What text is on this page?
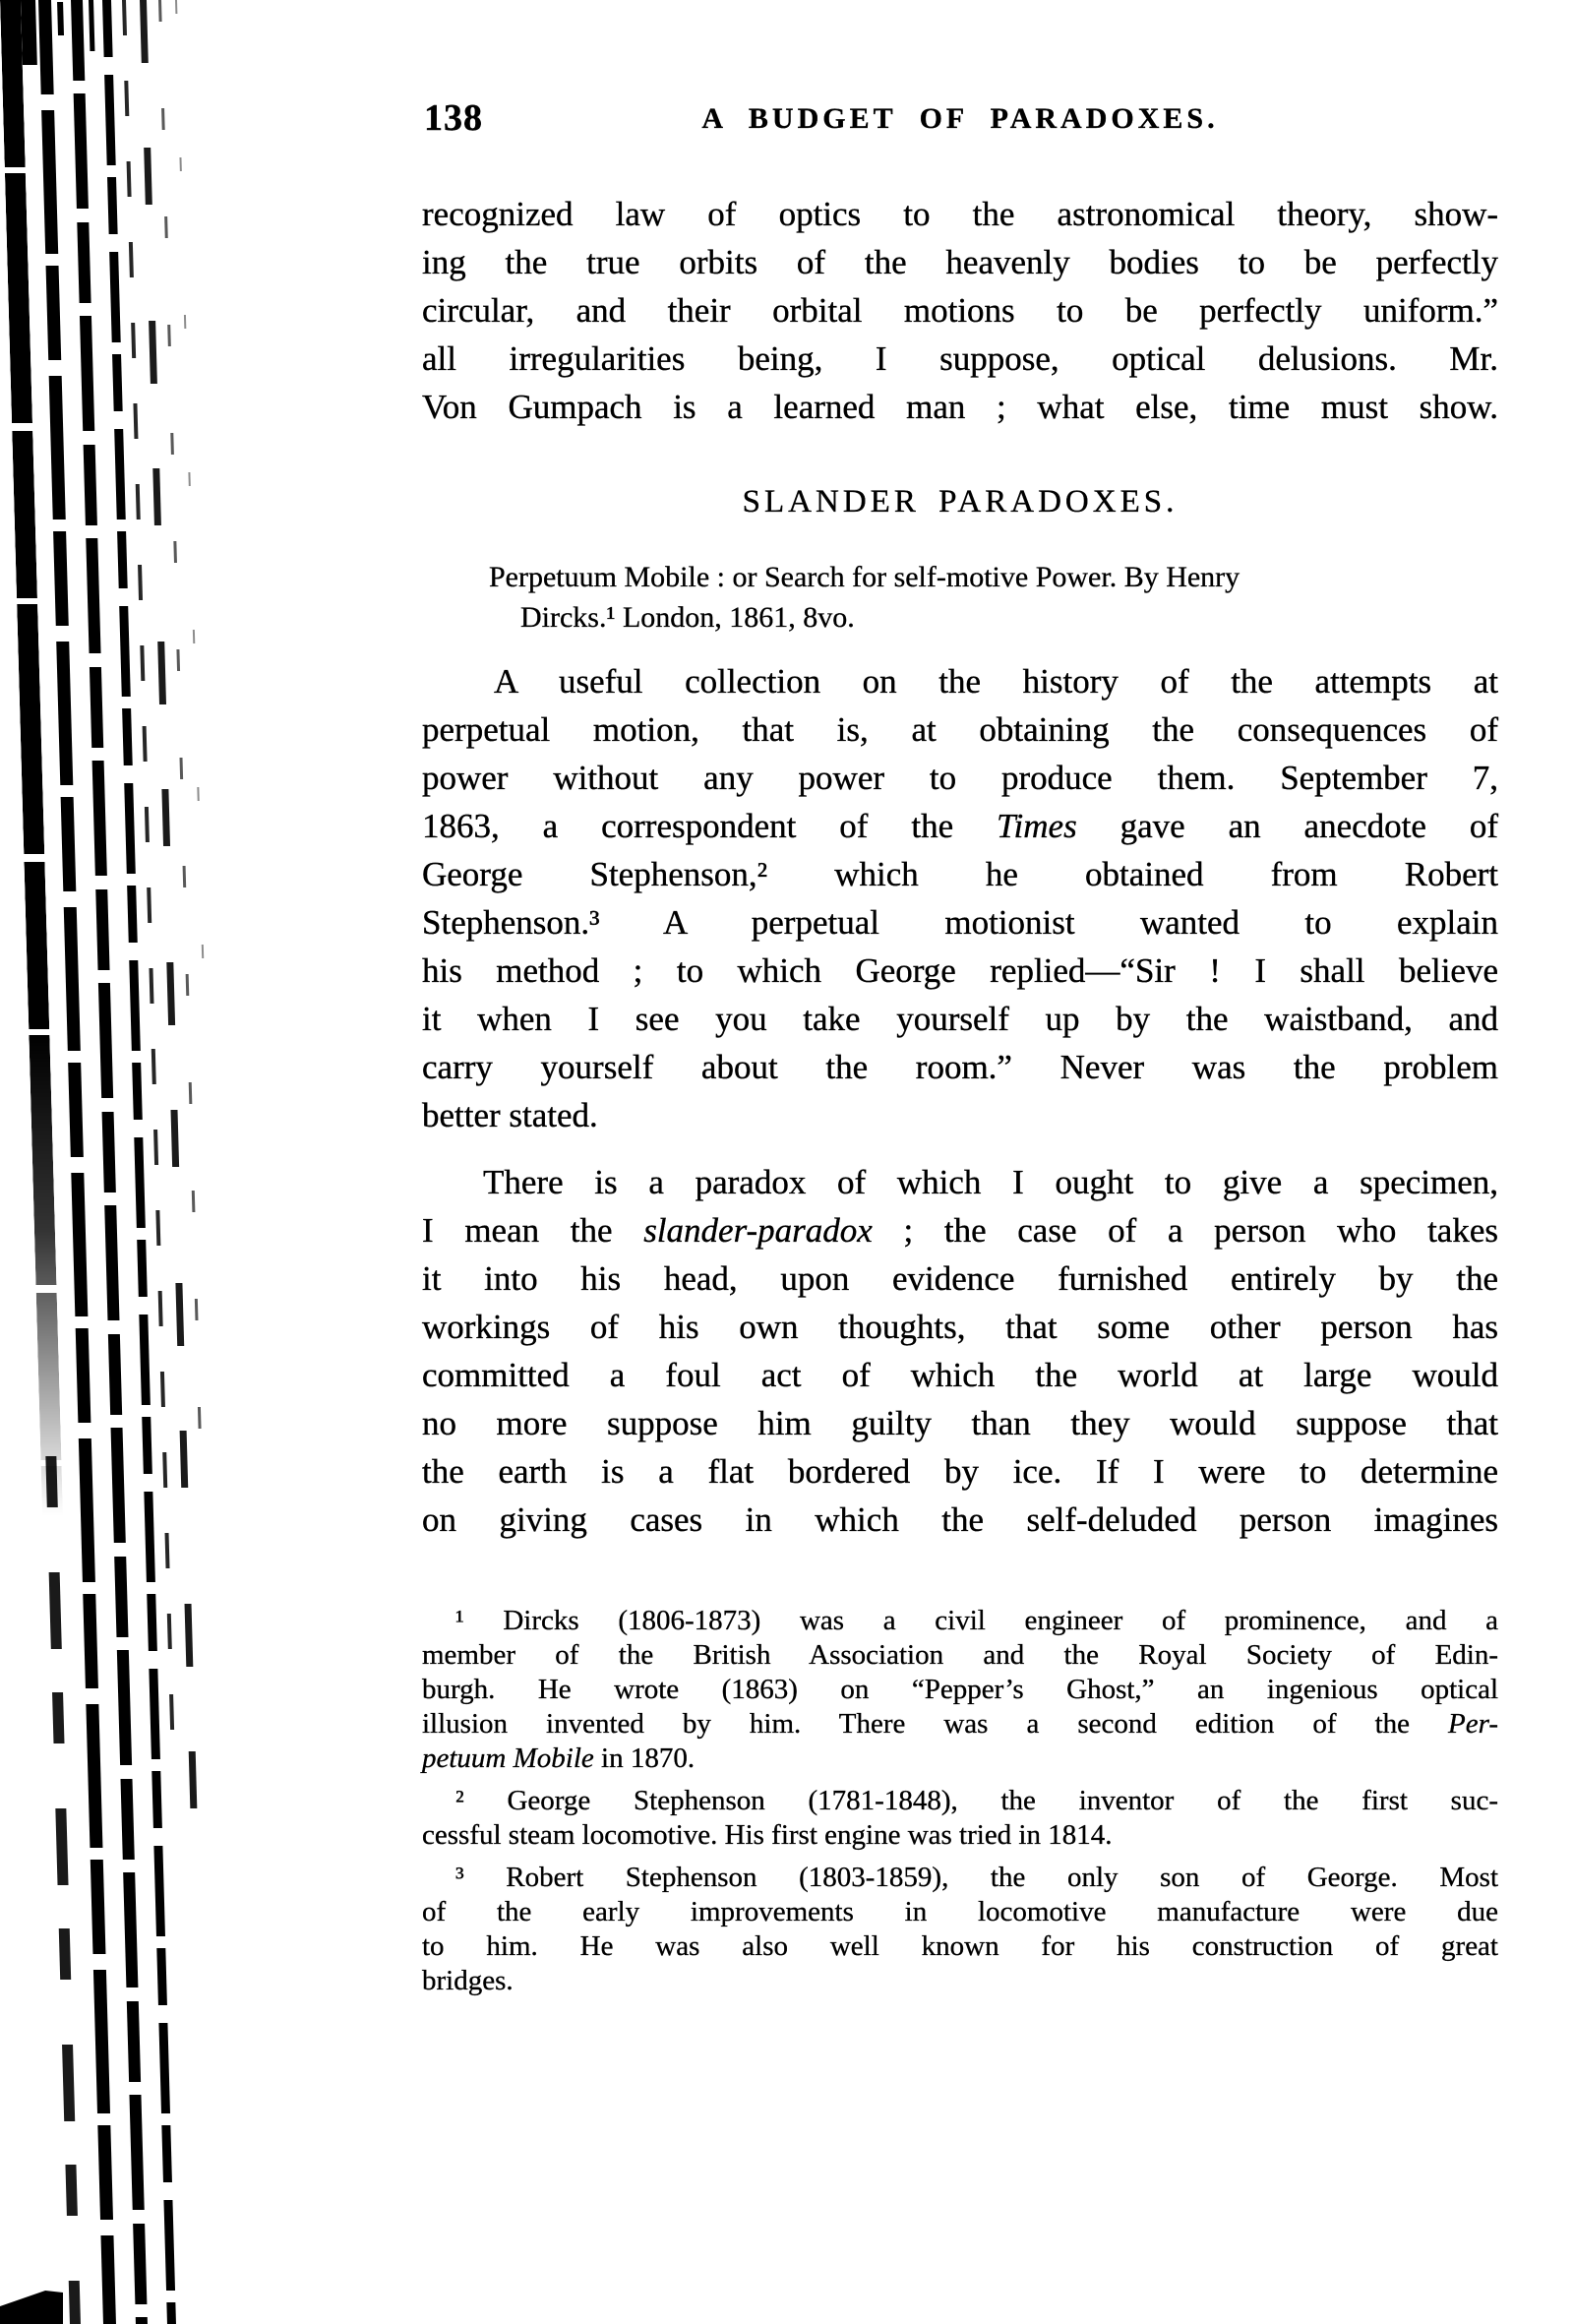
138	A BUDGET OF PARADOXES.
recognized law of optics to the astronomical theory, show-
ing the true orbits of the heavenly bodies to be perfectly
circular, and their orbital motions to be perfectly uniform.”
all irregularities being, I suppose, optical delusions. Mr.
Von Gumpach is a learned man ; what else, time must show.
SLANDER PARADOXES.
Perpetuum Mobile : or Search for self-motive Power. By Henry
Dircks.¹ London, 1861, 8vo.
A useful collection on the history of the attempts at
perpetual motion, that is, at obtaining the consequences of
power without any power to produce them. September 7,
1863, a correspondent of the Times gave an anecdote of
George Stephenson,² which he obtained from Robert
Stephenson.³ A perpetual motionist wanted to explain
his method ; to which George replied—“Sir ! I shall believe
it when I see you take yourself up by the waistband, and
carry yourself about the room.” Never was the problem
better stated.
There is a paradox of which I ought to give a specimen,
I mean the slander-paradox ; the case of a person who takes
it into his head, upon evidence furnished entirely by the
workings of his own thoughts, that some other person has
committed a foul act of which the world at large would
no more suppose him guilty than they would suppose that
the earth is a flat bordered by ice. If I were to determine
on giving cases in which the self-deluded person imagines
¹ Dircks (1806-1873) was a civil engineer of prominence, and a
member of the British Association and the Royal Society of Edin-
burgh. He wrote (1863) on “Pepper’s Ghost,” an ingenious optical
illusion invented by him. There was a second edition of the Per-
petuum Mobile in 1870.
² George Stephenson (1781-1848), the inventor of the first suc-
cessful steam locomotive. His first engine was tried in 1814.
³ Robert Stephenson (1803-1859), the only son of George. Most
of the early improvements in locomotive manufacture were due
to him. He was also well known for his construction of great
bridges.
